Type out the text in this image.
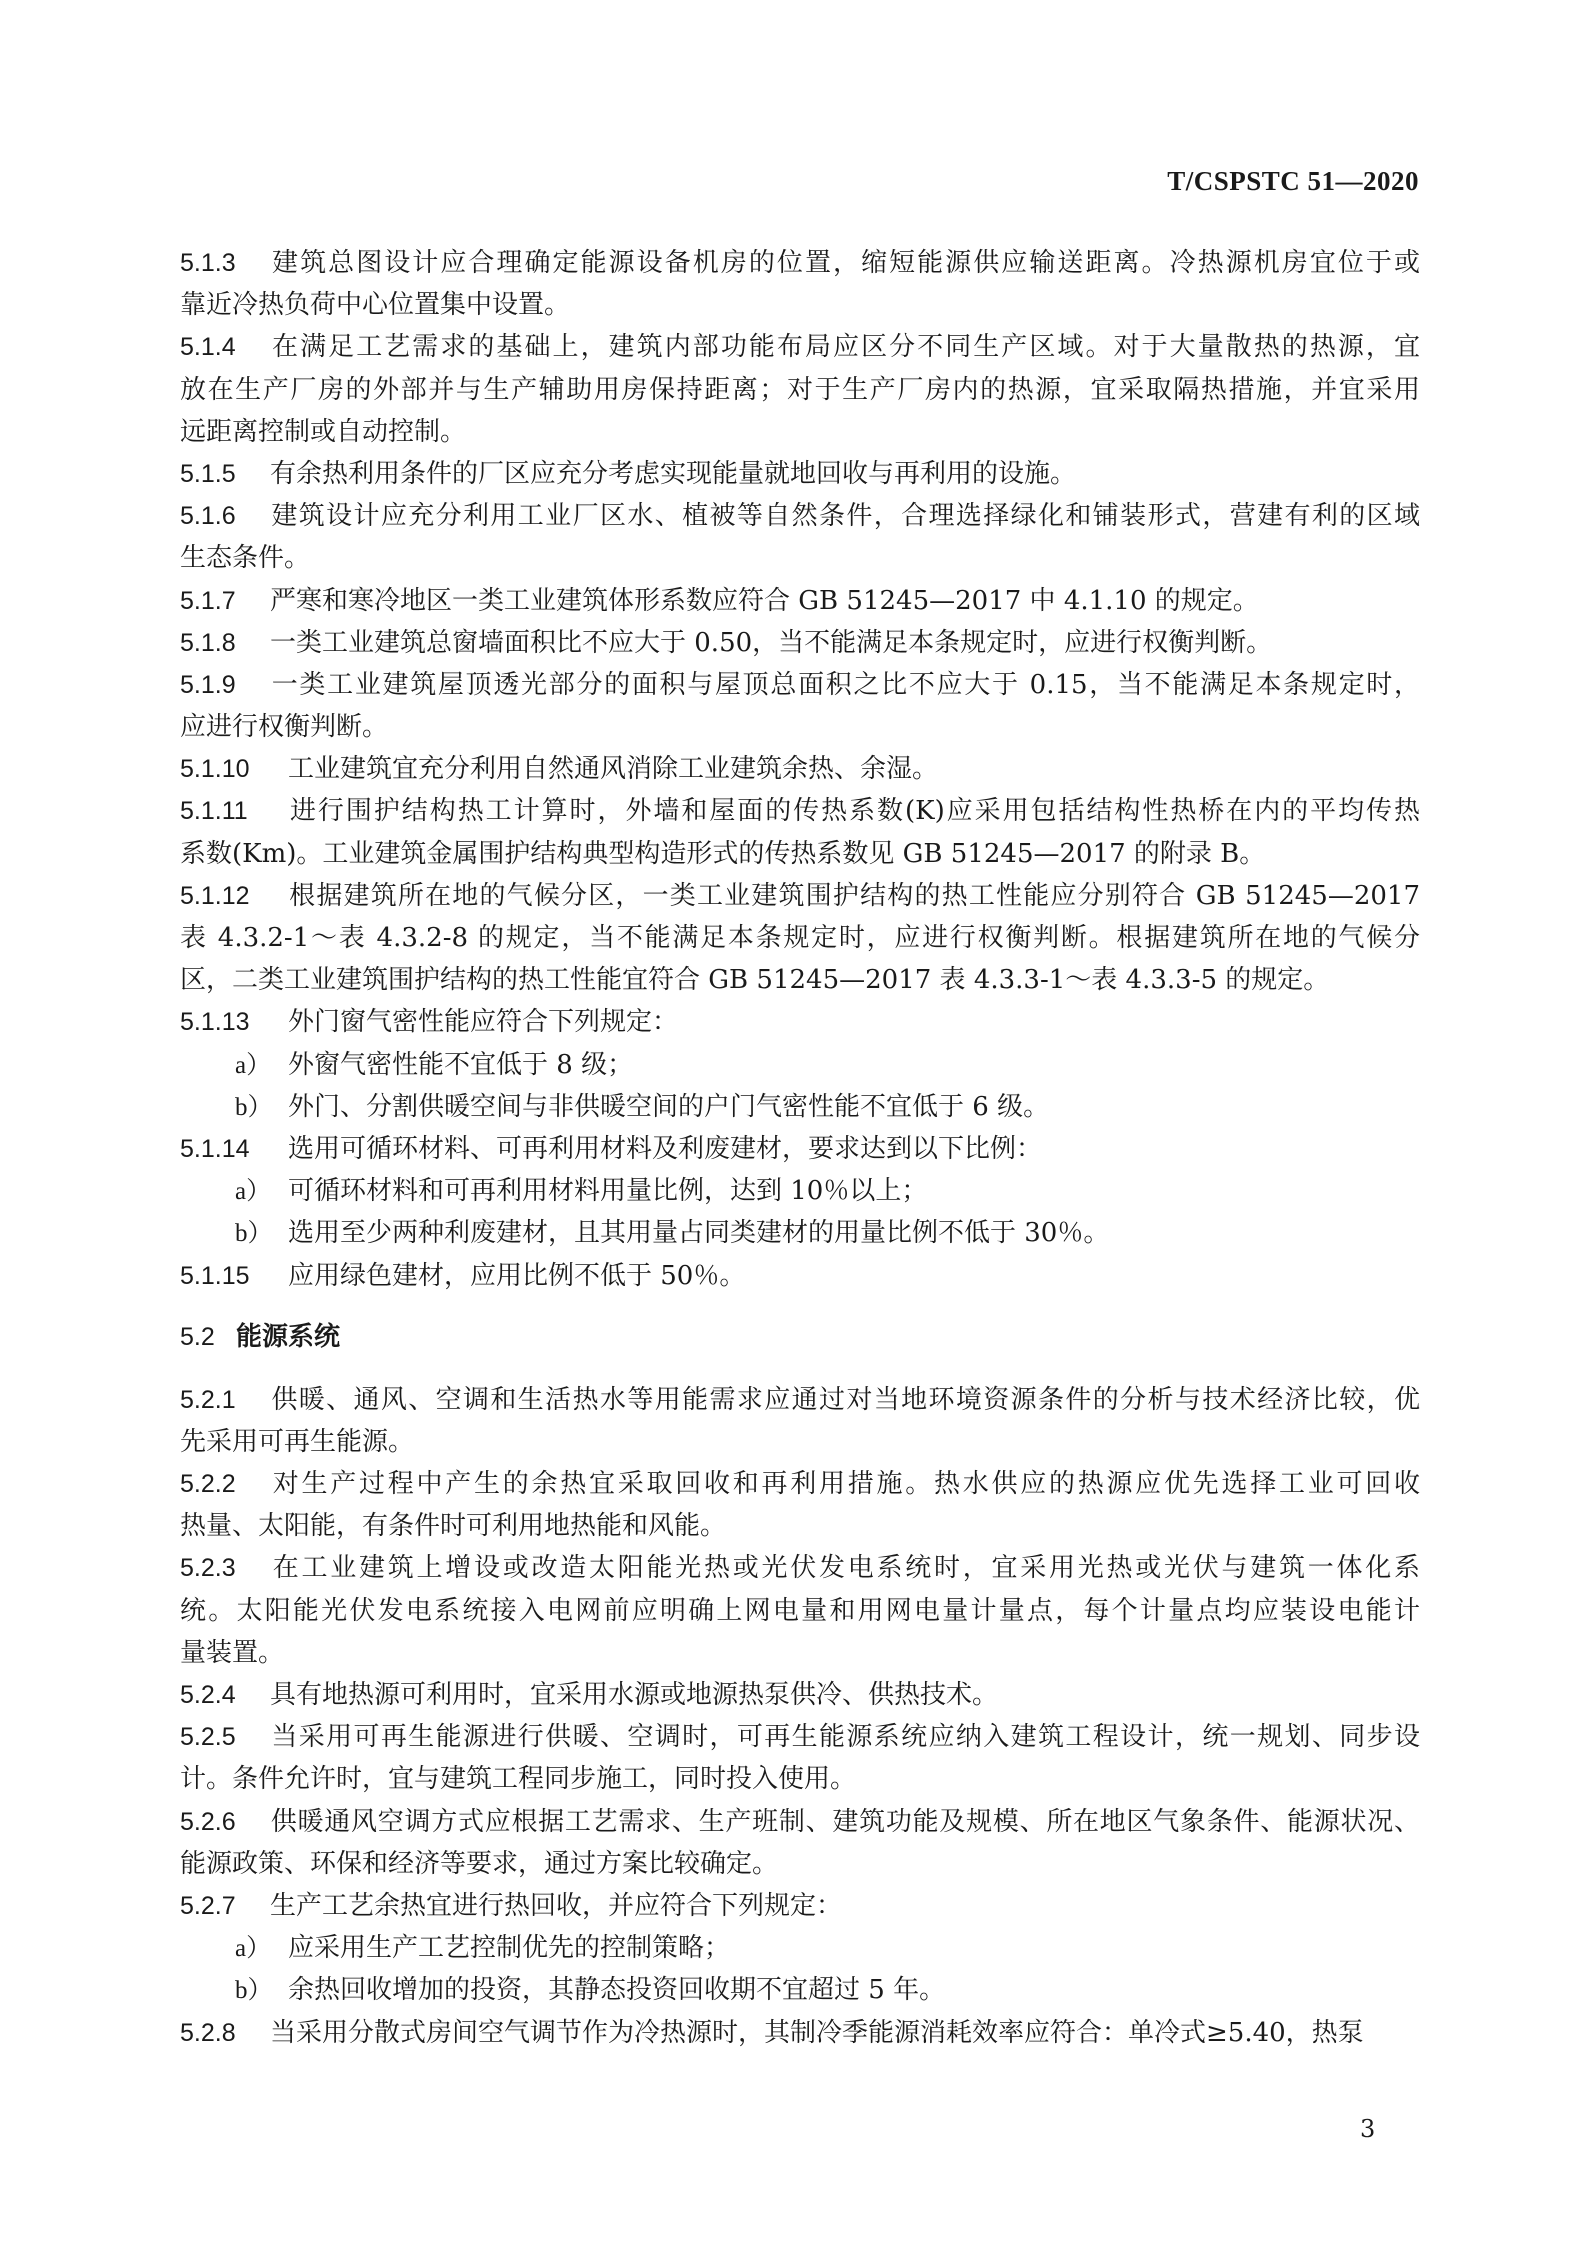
T/CSPSTC 51—2020
5.1.3 建筑总图设计应合理确定能源设备机房的位置，缩短能源供应输送距离。冷热源机房宜位于或
靠近冷热负荷中心位置集中设置。
5.1.4 在满足工艺需求的基础上，建筑内部功能布局应区分不同生产区域。对于大量散热的热源，宜
放在生产厂房的外部并与生产辅助用房保持距离；对于生产厂房内的热源，宜采取隔热措施，并宜采用
远距离控制或自动控制。
5.1.5 有余热利用条件的厂区应充分考虑实现能量就地回收与再利用的设施。
5.1.6 建筑设计应充分利用工业厂区水、植被等自然条件，合理选择绿化和铺装形式，营建有利的区域
生态条件。
5.1.7 严寒和寒冷地区一类工业建筑体形系数应符合 GB 51245—2017 中 4.1.10 的规定。
5.1.8 一类工业建筑总窗墙面积比不应大于 0.50，当不能满足本条规定时，应进行权衡判断。
5.1.9 一类工业建筑屋顶透光部分的面积与屋顶总面积之比不应大于 0.15，当不能满足本条规定时，
应进行权衡判断。
5.1.10 工业建筑宜充分利用自然通风消除工业建筑余热、余湿。
5.1.11 进行围护结构热工计算时，外墙和屋面的传热系数(K)应采用包括结构性热桥在内的平均传热
系数(Km)。工业建筑金属围护结构典型构造形式的传热系数见 GB 51245—2017 的附录 B。
5.1.12 根据建筑所在地的气候分区，一类工业建筑围护结构的热工性能应分别符合 GB 51245—2017
表 4.3.2-1～表 4.3.2-8 的规定，当不能满足本条规定时，应进行权衡判断。根据建筑所在地的气候分
区，二类工业建筑围护结构的热工性能宜符合 GB 51245—2017 表 4.3.3-1～表 4.3.3-5 的规定。
5.1.13 外门窗气密性能应符合下列规定：
a） 外窗气密性能不宜低于 8 级；
b） 外门、分割供暖空间与非供暖空间的户门气密性能不宜低于 6 级。
5.1.14 选用可循环材料、可再利用材料及利废建材，要求达到以下比例：
a） 可循环材料和可再利用材料用量比例，达到 10％以上；
b） 选用至少两种利废建材，且其用量占同类建材的用量比例不低于 30％。
5.1.15 应用绿色建材，应用比例不低于 50％。
5.2 能源系统
5.2.1 供暖、通风、空调和生活热水等用能需求应通过对当地环境资源条件的分析与技术经济比较，优
先采用可再生能源。
5.2.2 对生产过程中产生的余热宜采取回收和再利用措施。热水供应的热源应优先选择工业可回收
热量、太阳能，有条件时可利用地热能和风能。
5.2.3 在工业建筑上增设或改造太阳能光热或光伏发电系统时，宜采用光热或光伏与建筑一体化系
统。太阳能光伏发电系统接入电网前应明确上网电量和用网电量计量点，每个计量点均应装设电能计
量装置。
5.2.4 具有地热源可利用时，宜采用水源或地源热泵供冷、供热技术。
5.2.5 当采用可再生能源进行供暖、空调时，可再生能源系统应纳入建筑工程设计，统一规划、同步设
计。条件允许时，宜与建筑工程同步施工，同时投入使用。
5.2.6 供暖通风空调方式应根据工艺需求、生产班制、建筑功能及规模、所在地区气象条件、能源状况、
能源政策、环保和经济等要求，通过方案比较确定。
5.2.7 生产工艺余热宜进行热回收，并应符合下列规定：
a） 应采用生产工艺控制优先的控制策略；
b） 余热回收增加的投资，其静态投资回收期不宜超过 5 年。
5.2.8 当采用分散式房间空气调节作为冷热源时，其制冷季能源消耗效率应符合：单冷式≥5.40，热泵
3
